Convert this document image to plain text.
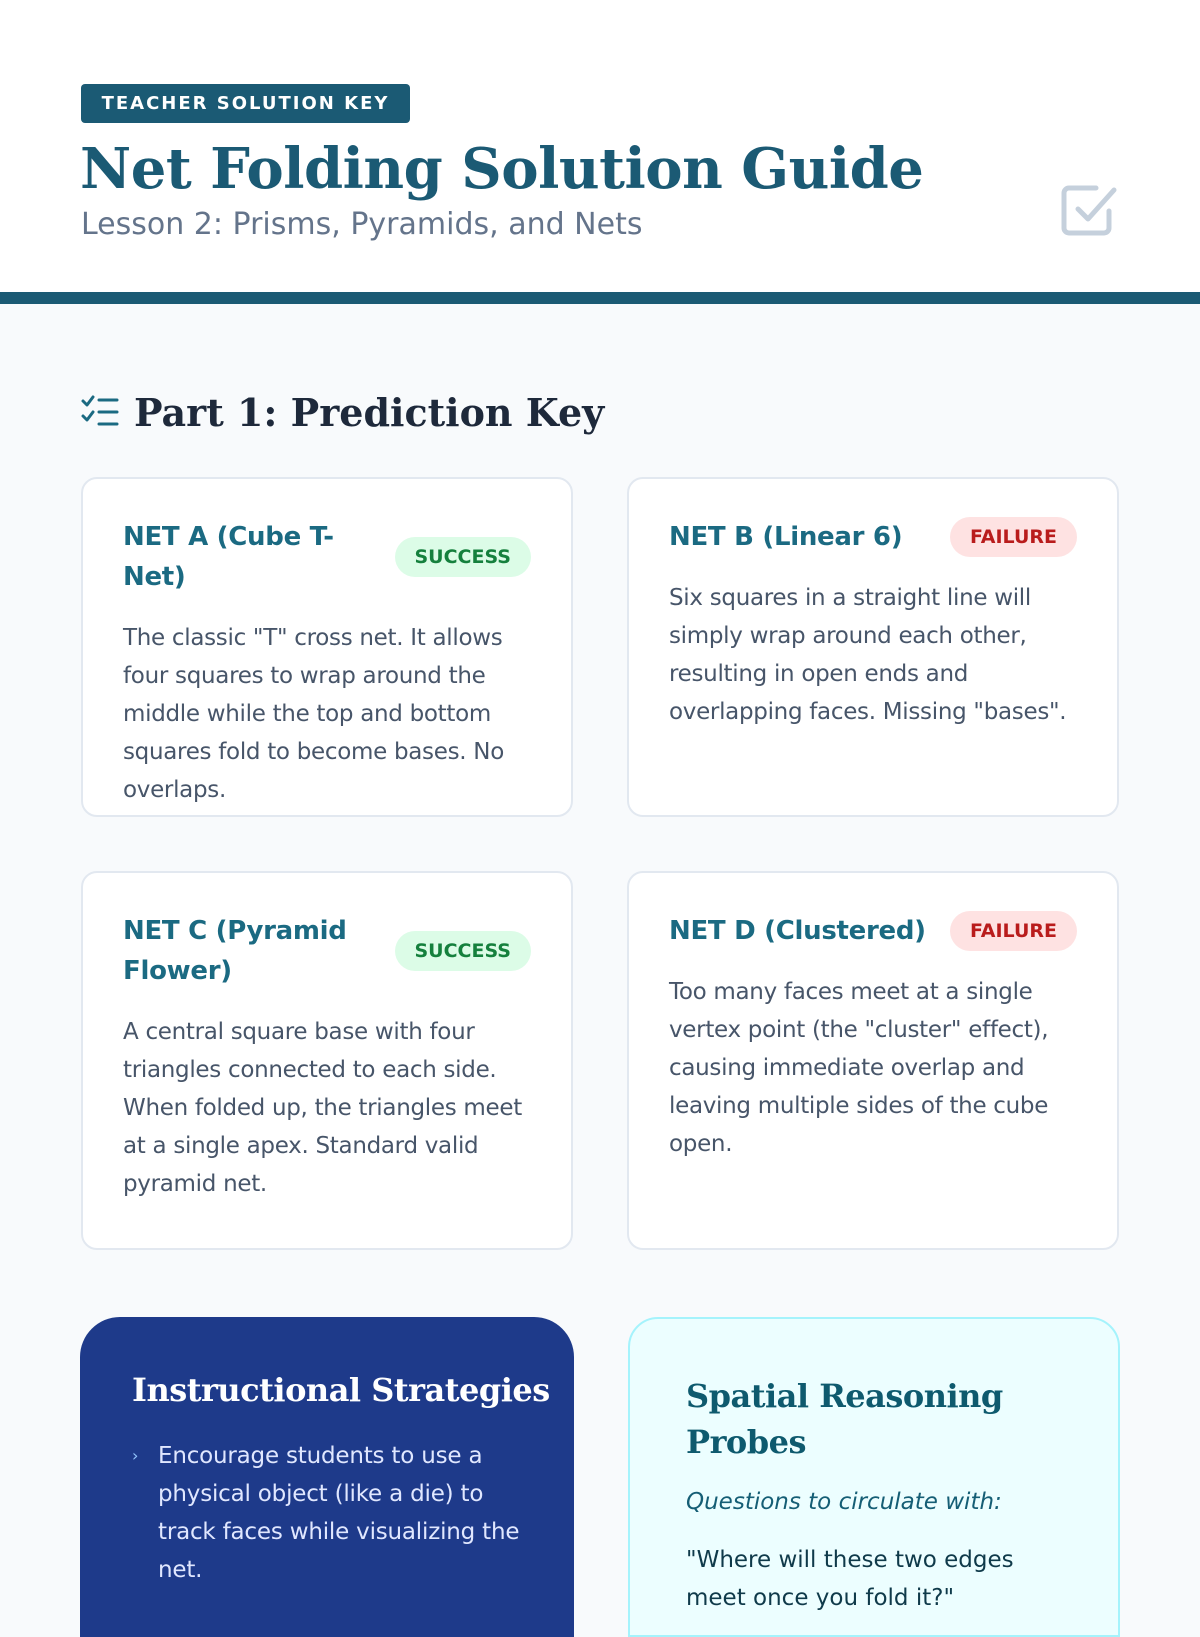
TEACHER SOLUTION KEY
Net Folding Solution Guide

Lesson 2: Prisms, Pyramids, and Nets

Part 1: Prediction Key
NET A (Cube T-Net)
SUCCESS

The classic "T" cross net. It allows four squares to wrap around the middle while the top and bottom squares fold to become bases. No overlaps.

NET B (Linear 6)	FAILURE

Six squares in a straight line will simply wrap around each other, resulting in open ends and overlapping faces. Missing "bases".

NET C (Pyramid Flower)
SUCCESS

A central square base with four triangles connected to each side. When folded up, the triangles meet at a single apex. Standard valid pyramid net.

NET D (Clustered)	FAILURE

Too many faces meet at a single vertex point (the "cluster" effect), causing immediate overlap and leaving multiple sides of the cube open.

Instructional Strategies
› Encourage students to use a physical object (like a die) to track faces while visualizing the net.
Spatial Reasoning Probes

Questions to circulate with:

"Where will these two edges meet once you fold it?"
